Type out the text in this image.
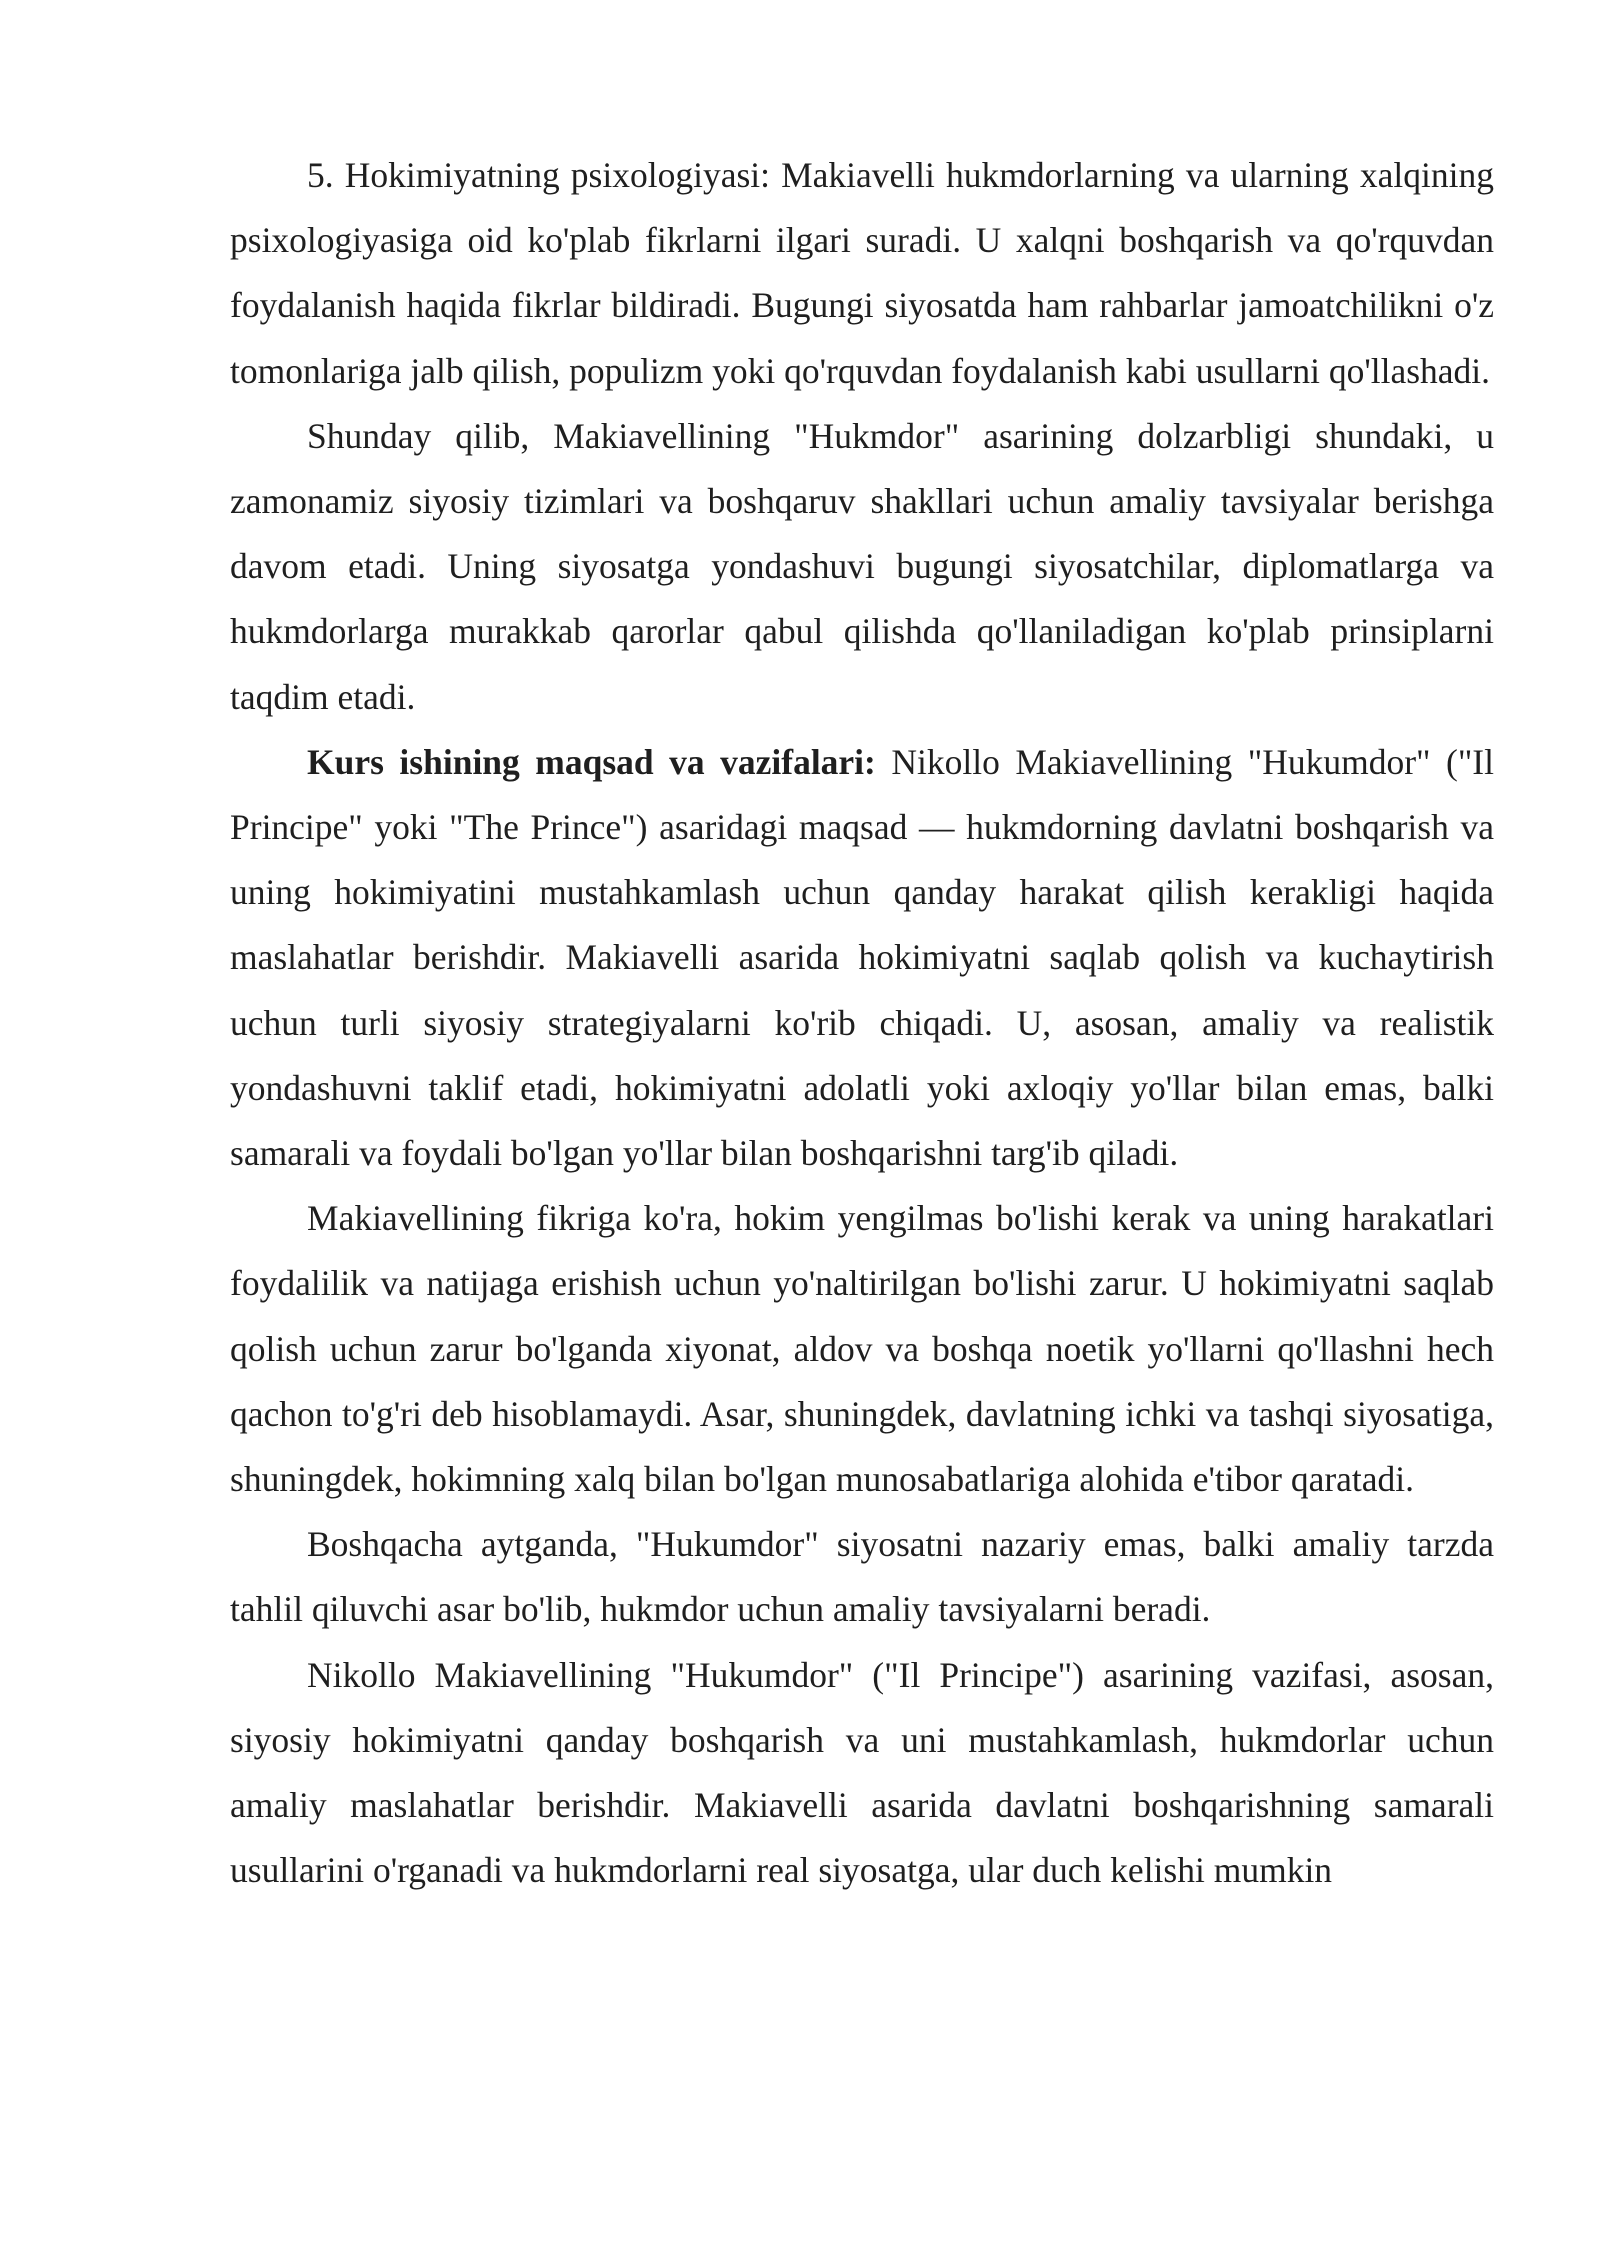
5. Hokimiyatning psixologiyasi: Makiavelli hukmdorlarning va ularning xalqining psixologiyasiga oid ko'plab fikrlarni ilgari suradi. U xalqni boshqarish va qo'rquvdan foydalanish haqida fikrlar bildiradi. Bugungi siyosatda ham rahbarlar jamoatchilikni o'z tomonlariga jalb qilish, populizm yoki qo'rquvdan foydalanish kabi usullarni qo'llashadi.

Shunday qilib, Makiavellining "Hukmdor" asarining dolzarbligi shundaki, u zamonamiz siyosiy tizimlari va boshqaruv shakllari uchun amaliy tavsiyalar berishga davom etadi. Uning siyosatga yondashuvi bugungi siyosatchilar, diplomatlarga va hukmdorlarga murakkab qarorlar qabul qilishda qo'llaniladigan ko'plab prinsiplarni taqdim etadi.

Kurs ishining maqsad va vazifalari: Nikollo Makiavellining "Hukumdor" ("Il Principe" yoki "The Prince") asaridagi maqsad — hukmdorning davlatni boshqarish va uning hokimiyatini mustahkamlash uchun qanday harakat qilish kerakligi haqida maslahatlar berishdir. Makiavelli asarida hokimiyatni saqlab qolish va kuchaytirish uchun turli siyosiy strategiyalarni ko'rib chiqadi. U, asosan, amaliy va realistik yondashuvni taklif etadi, hokimiyatni adolatli yoki axloqiy yo'llar bilan emas, balki samarali va foydali bo'lgan yo'llar bilan boshqarishni targ'ib qiladi.

Makiavellining fikriga ko'ra, hokim yengilmas bo'lishi kerak va uning harakatlari foydalilik va natijaga erishish uchun yo'naltirilgan bo'lishi zarur. U hokimiyatni saqlab qolish uchun zarur bo'lganda xiyonat, aldov va boshqa noetik yo'llarni qo'llashni hech qachon to'g'ri deb hisoblamaydi. Asar, shuningdek, davlatning ichki va tashqi siyosatiga, shuningdek, hokimning xalq bilan bo'lgan munosabatlariga alohida e'tibor qaratadi.

Boshqacha aytganda, "Hukumdor" siyosatni nazariy emas, balki amaliy tarzda tahlil qiluvchi asar bo'lib, hukmdor uchun amaliy tavsiyalarni beradi.

Nikollo Makiavellining "Hukumdor" ("Il Principe") asarining vazifasi, asosan, siyosiy hokimiyatni qanday boshqarish va uni mustahkamlash, hukmdorlar uchun amaliy maslahatlar berishdir. Makiavelli asarida davlatni boshqarishning samarali usullarini o'rganadi va hukmdorlarni real siyosatga, ular duch kelishi mumkin
